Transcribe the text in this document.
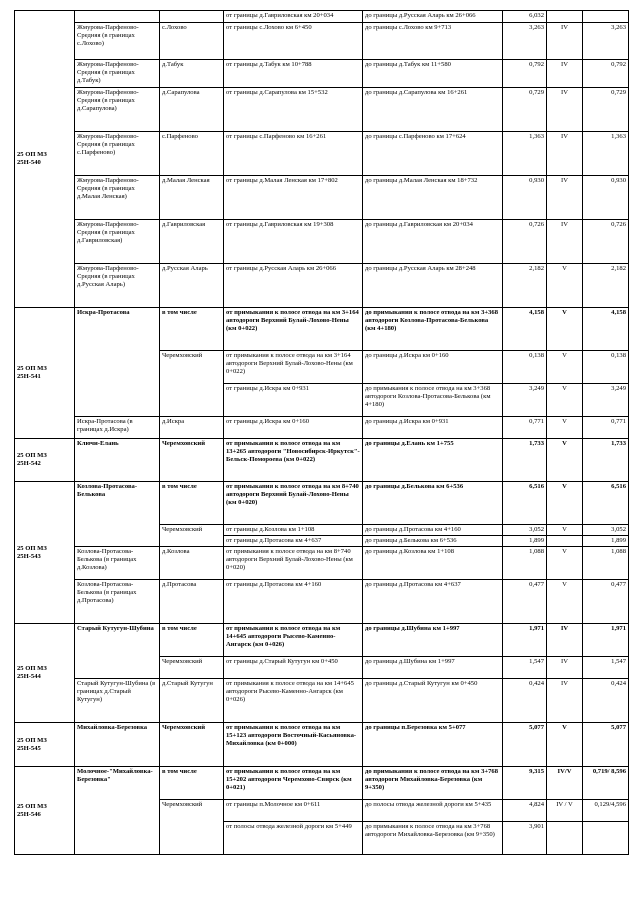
25 ОП МЗ 25Н-540			от границы д.Гавриловская км 20+034	до границы д.Русская Аларь км 26+066	6,032		
	Жмурова-Парфеново-Средняя (в границах с.Лохово)	с.Лохово	от границы с.Лохово км 6+450	до границы с.Лохово км 9+713	3,263	IV	3,263
	Жмурова-Парфеново-Средняя (в границах д.Табук)	д.Табук	от границы д.Табук км 10+788	до границы д.Табук км 11+580	0,792	IV	0,792
	Жмурова-Парфеново-Средняя (в границах д.Сарапулова)	д.Сарапулова	от границы д.Сарапулова км 15+532	до границы д.Сарапулова км 16+261	0,729	IV	0,729
	Жмурова-Парфеново-Средняя (в границах с.Парфеново)	с.Парфеново	от границы с.Парфеново км 16+261	до границы с.Парфеново км 17+624	1,363	IV	1,363
	Жмурова-Парфеново-Средняя (в границах д.Малая Ленская)	д.Малая Ленская	от границы д.Малая Ленская км 17+802	до границы д.Малая Ленская км 18+732	0,930	IV	0,930
	Жмурова-Парфеново-Средняя (в границах д.Гавриловская)	д.Гавриловская	от границы д.Гавриловская км 19+308	до границы д.Гавриловская км 20+034	0,726	IV	0,726
	Жмурова-Парфеново-Средняя (в границах д.Русская Аларь)	д.Русская Аларь	от границы д.Русская Аларь км 26+066	до границы д.Русская Аларь км 28+248	2,182	V	2,182
25 ОП МЗ 25Н-541	Искра-Протасова	в том числе	от примыкания к полосе отвода на км 3+164 автодороги Верхний Булай-Лохово-Нены (км 0+022)	до примыкания к полосе отвода на км 3+368 автодороги Козлова-Протасова-Белькова (км 4+180)	4,158	V	4,158
		Черемховский	от примыкания к полосе отвода на км 3+164 автодороги Верхний Булай-Лохово-Нены (км 0+022)	до границы д.Искра км 0+160	0,138	V	0,138
			от границы д.Искра км 0+931	до примыкания к полосе отвода на км 3+368 автодороги Козлова-Протасова-Белькова (км 4+180)	3,249	V	3,249
	Искра-Протасова (в границах д.Искра)	д.Искра	от границы д.Искра км 0+160	до границы д.Искра км 0+931	0,771	V	0,771
25 ОП МЗ 25Н-542	Ключи-Елань	Черемховский	от примыкания к полосе отвода на км 13+265 автодороги "Новосибирск-Иркутск"-Бельск-Помороева (км 0+022)	до границы д.Елань км 1+755	1,733	V	1,733
25 ОП МЗ 25Н-543	Козлова-Протасова-Белькова	в том числе	от примыкания к полосе отвода на км 8+740 автодороги Верхний Булай-Лохово-Нены (км 0+020)	до границы д.Белькова км 6+536	6,516	V	6,516
		Черемховский	от границы д.Козлова км 1+108	до границы д.Протасова км 4+160	3,052	V	3,052
			от границы д.Протасова км 4+637	до границы д.Белькова км 6+536	1,899		1,899
	Козлова-Протасова-Белькова (в границах д.Козлова)	д.Козлова	от примыкания к полосе отвода на км 8+740 автодороги Верхний Булай-Лохово-Нены (км 0+020)	до границы д.Козлова км 1+108	1,088	V	1,088
	Козлова-Протасова-Белькова (в границах д.Протасова)	д.Протасова	от границы д.Протасова км 4+160	до границы д.Протасова км 4+637	0,477	V	0,477
25 ОП МЗ 25Н-544	Старый Кутугун-Шубина	в том числе	от примыкания к полосе отвода на км 14+645 автодороги Рысево-Каменно-Ангарск (км 0+026)	до границы д.Шубина км 1+997	1,971	IV	1,971
		Черемховский	от границы д.Старый Кутугун км 0+450	до границы д.Шубина км 1+997	1,547	IV	1,547
	Старый Кутугун-Шубина (в границах д.Старый Кутугун)	д.Старый Кутугун	от примыкания к полосе отвода на км 14+645 автодороги Рысево-Каменно-Ангарск (км 0+026)	до границы д.Старый Кутугун км 0+450	0,424	IV	0,424
25 ОП МЗ 25Н-545	Михайловка-Березовка	Черемховский	от примыкания к полосе отвода на км 15+123 автодороги Восточный-Касьяновка-Михайловка (км 0+000)	до границы п.Березовка км 5+077	5,077	V	5,077
25 ОП МЗ 25Н-546	Молочное-"Михайловка-Березовка"	в том числе	от примыкания к полосе отвода на км 15+202 автодороги Черемхово-Свирск (км 0+021)	до примыкания к полосе отвода на км 3+768 автодороги Михайловка-Березовка (км 9+350)	9,315	IV/V	0,719/ 8,596
		Черемховский	от границы п.Молочное км 0+611	до полосы отвода железной дороги км 5+435	4,824	IV / V	0,129/4,596
			от полосы отвода железной дороги км 5+449	до примыкания к полосе отвода на км 3+768 автодороги Михайловка-Березовка (км 9+350)	3,901		
